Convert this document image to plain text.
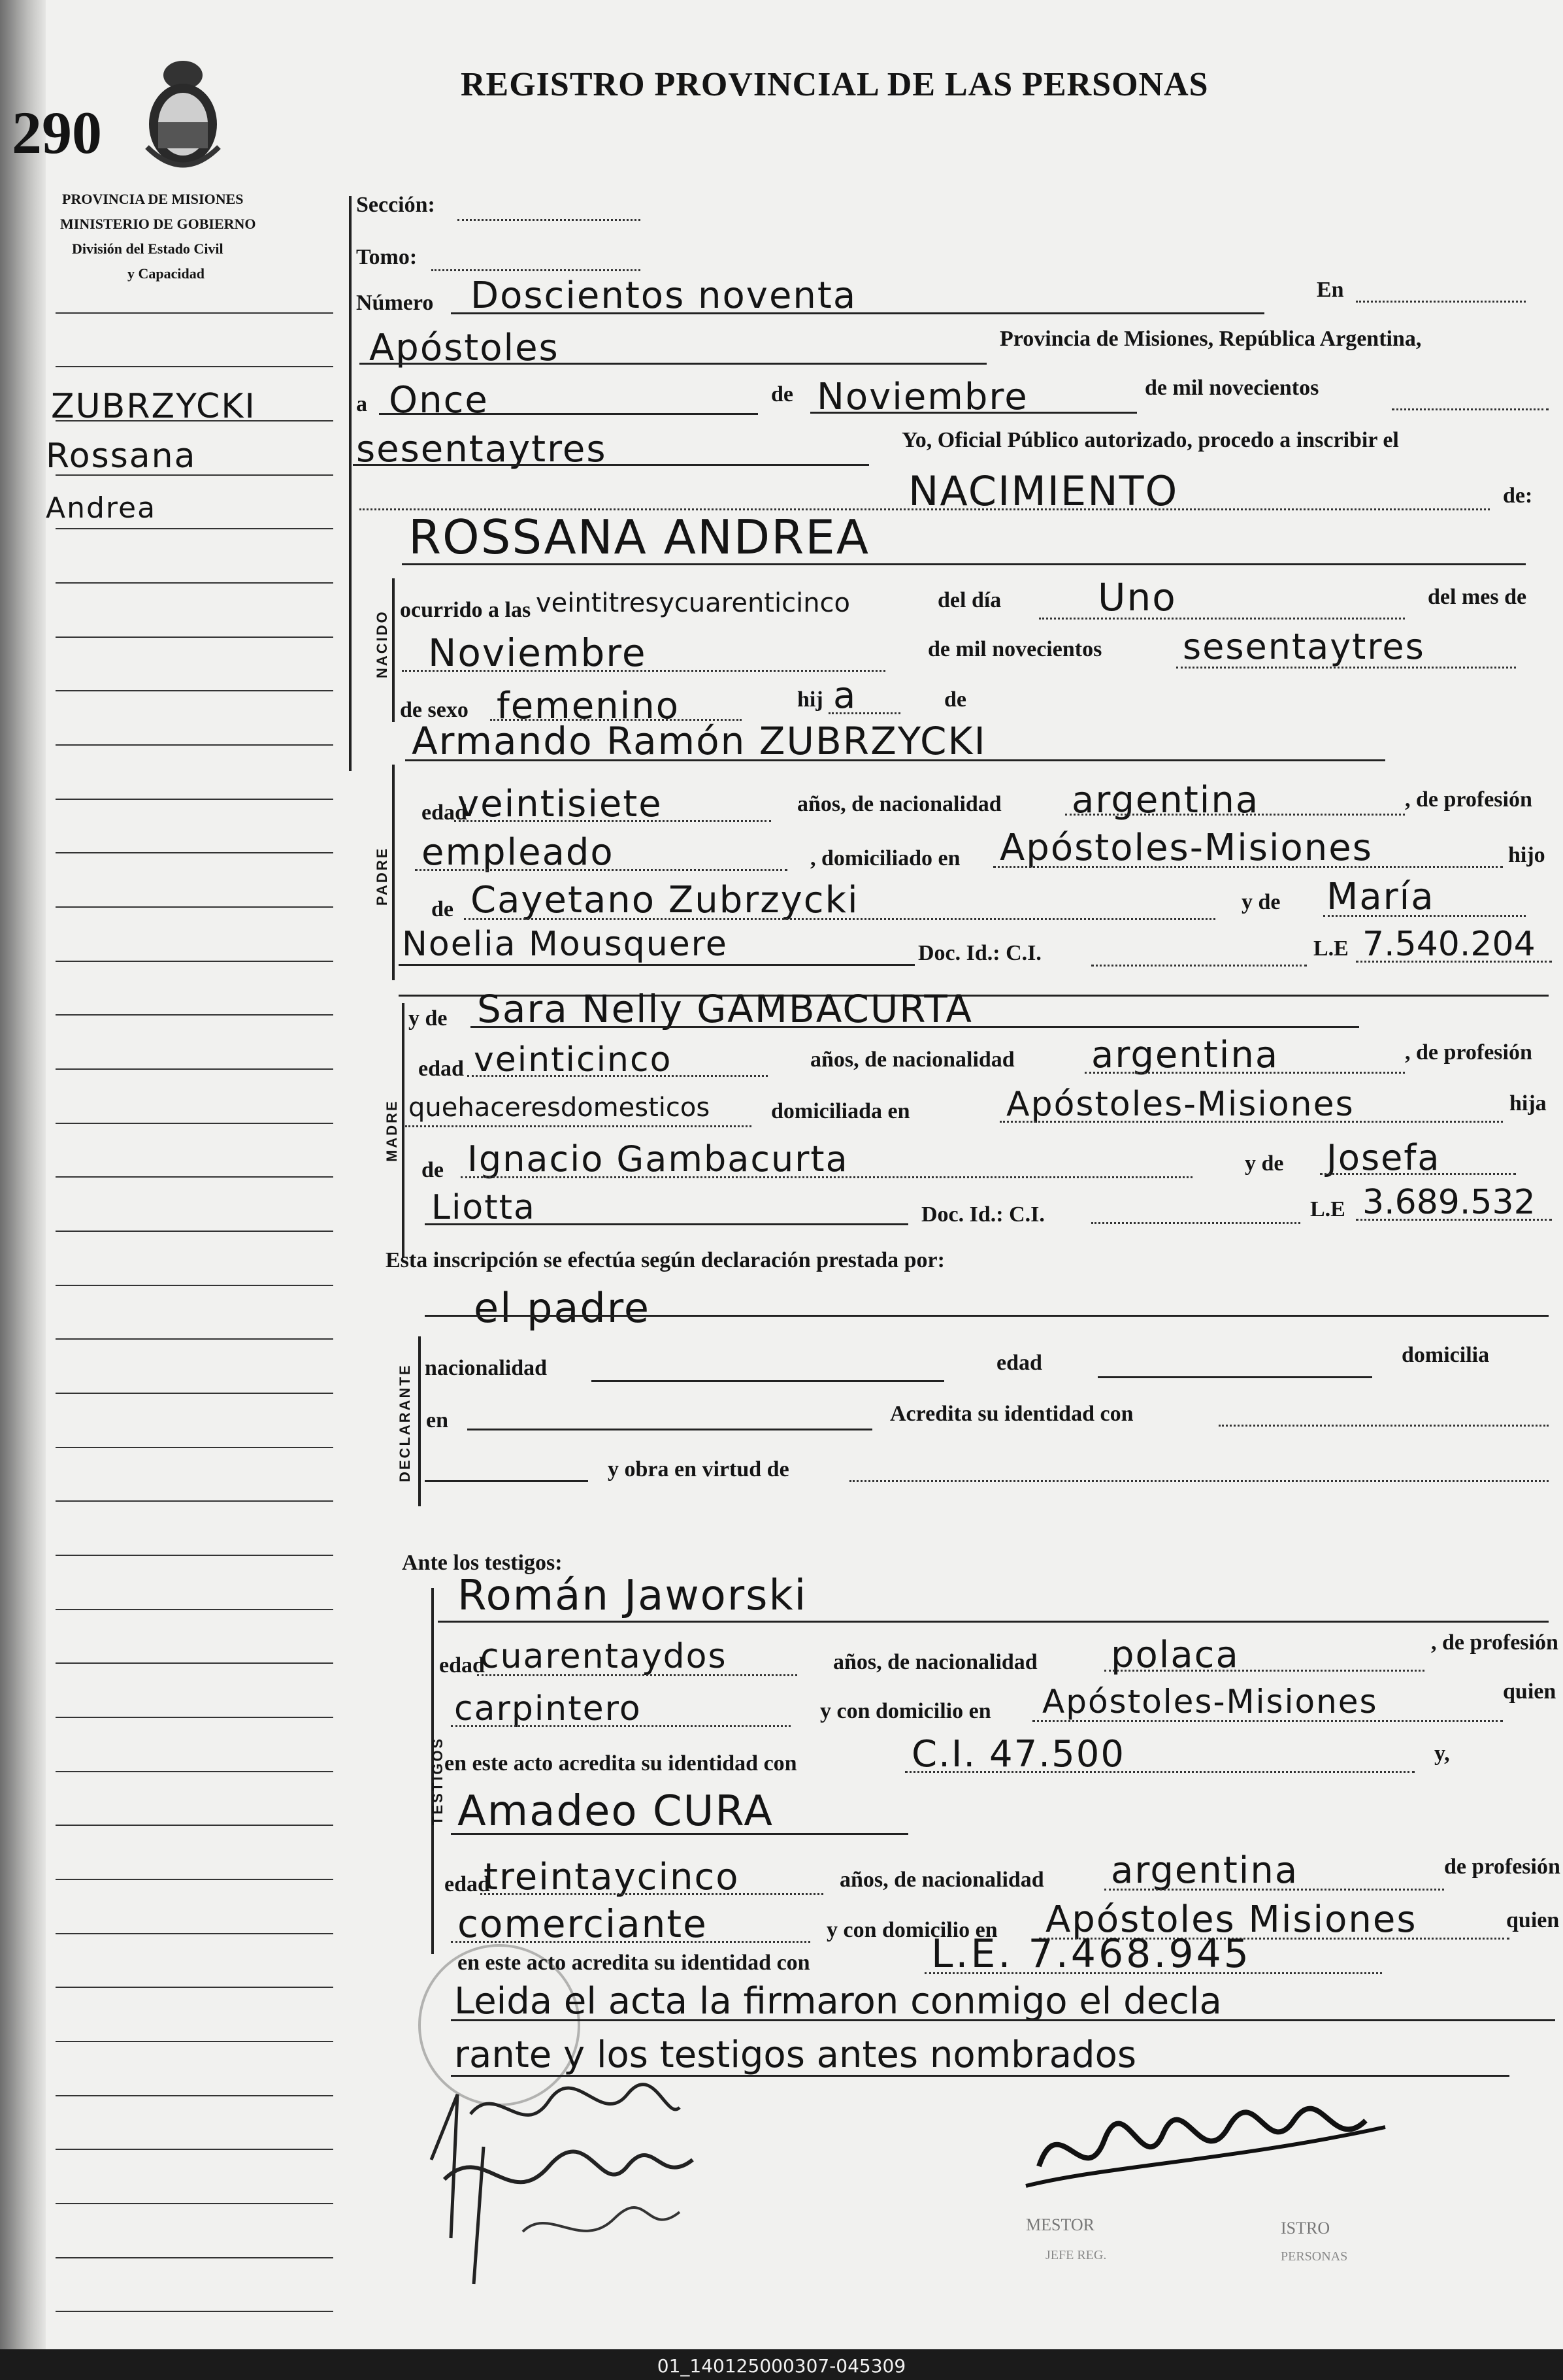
290
REGISTRO PROVINCIAL DE LAS PERSONAS
PROVINCIA DE MISIONES
MINISTERIO DE GOBIERNO
División del Estado Civil
y Capacidad
ZUBRZYCKI
Rossana
Andrea
Sección:
Tomo:
Número Doscientos noventa	En
Apóstoles	Provincia de Misiones, República Argentina,
a Once	de Noviembre	de mil novecientos
sesentaytres	Yo, Oficial Público autorizado, procedo a inscribir el
NACIMIENTO	de:
NACIDO
ROSSANA ANDREA
ocurrido a las veintitresycuarenticinco	del día	Uno	del mes de
Noviembre	de mil novecientos sesentaytres
de sexo femenino	hij a	de
PADRE
Armando Ramón ZUBRZYCKI
edad
veintisiete	años, de nacionalidad argentina	, de profesión
empleado	, domiciliado en Apóstoles-Misiones	hijo
de Cayetano Zubrzycki	y de María
Noelia Mousquere	Doc. Id.: C.I.	L.E 7.540.204
MADRE
y de Sara Nelly GAMBACURTA
edad veinticinco	años, de nacionalidad argentina	, de profesión
quehaceresdomesticos	domiciliada en	Apóstoles-Misiones	hija
de Ignacio Gambacurta	y de Josefa
Liotta	Doc. Id.: C.I.	L.E 3.689.532
Esta inscripción se efectúa según declaración prestada por:
el padre
DECLARANTE nacionalidad	edad	domicilia
en	Acredita su identidad con
y obra en virtud de
Ante los testigos:
TESTIGOS
Román Jaworski
edad
cuarentaydos	años, de nacionalidad polaca	, de profesión
carpintero	y con domicilio en Apóstoles-Misiones	quien
en este acto acredita su identidad con	C.I. 47.500	y,
Amadeo CURA
edad
treintaycinco	años, de nacionalidad argentina	de profesión
comerciante	y con domicilio en Apóstoles Misiones	quien
en este acto acredita su identidad con	L.E. 7.468.945
Leida el acta la firmaron conmigo el decla
rante y los testigos antes nombrados
MESTOR
JEFE REG.
ISTRO
PERSONAS
01_140125000307-045309
